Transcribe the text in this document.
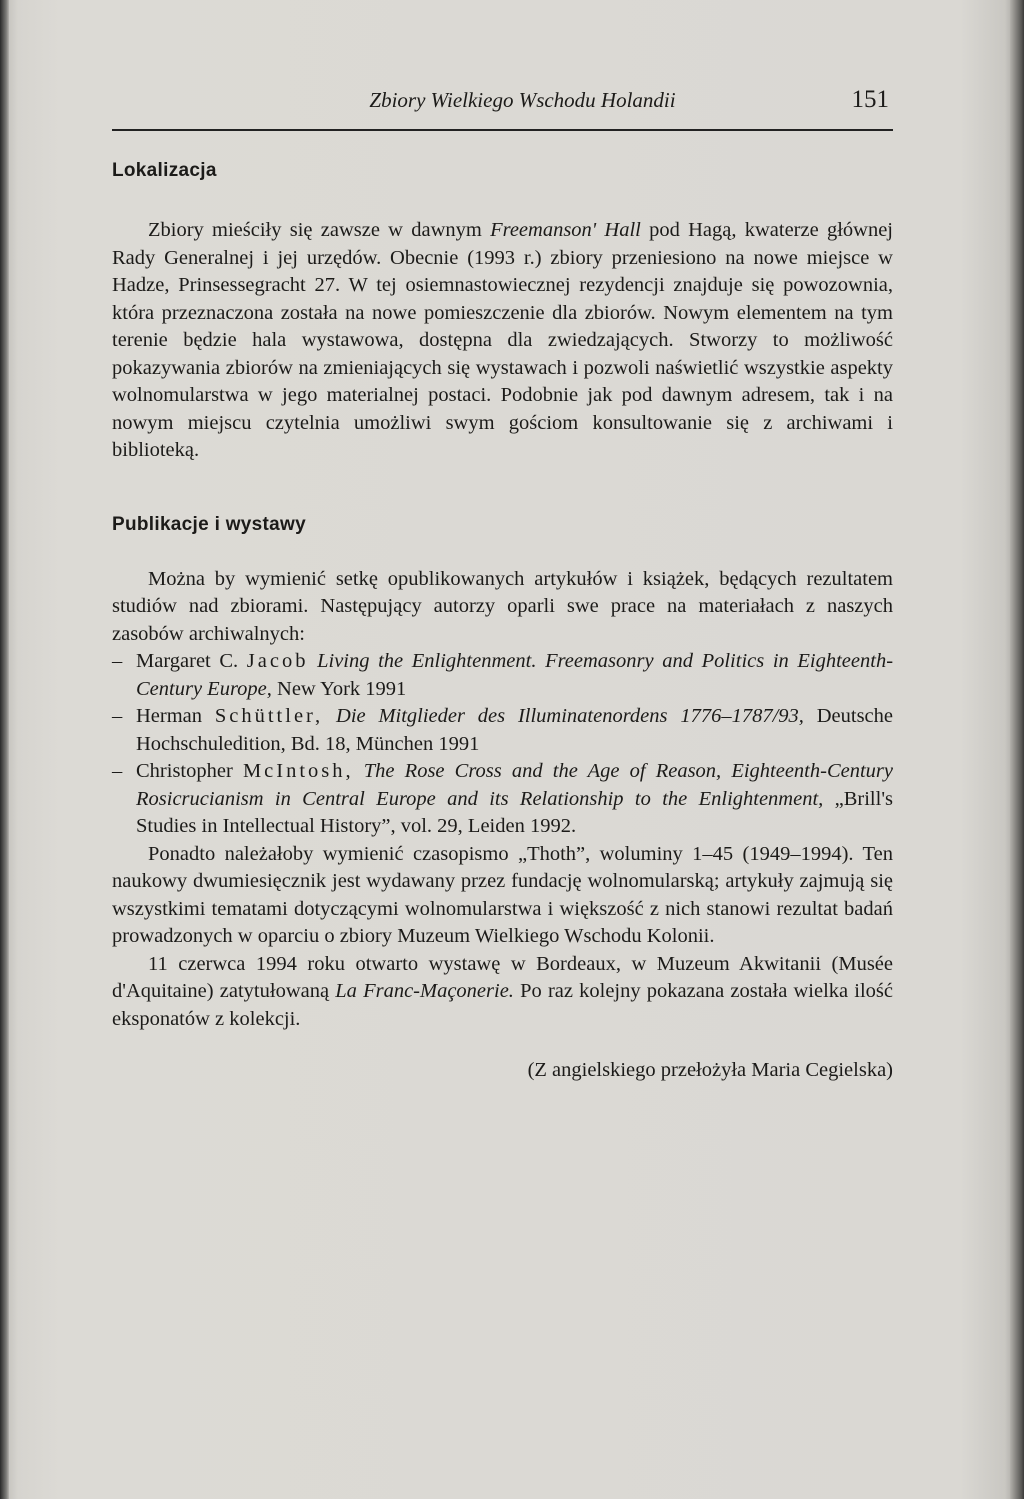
Zbiory Wielkiego Wschodu Holandii	151
Lokalizacja

Zbiory mieściły się zawsze w dawnym Freemanson' Hall pod Hagą, kwaterze głównej Rady Generalnej i jej urzędów. Obecnie (1993 r.) zbiory przeniesiono na nowe miejsce w Hadze, Prinsessegracht 27. W tej osiemnastowiecznej rezydencji znajduje się powozownia, która przeznaczona została na nowe pomieszczenie dla zbiorów. Nowym elementem na tym terenie będzie hala wystawowa, dostępna dla zwiedzających. Stworzy to możliwość pokazywania zbiorów na zmieniających się wystawach i pozwoli naświetlić wszystkie aspekty wolnomularstwa w jego materialnej postaci. Podobnie jak pod dawnym adresem, tak i na nowym miejscu czytelnia umożliwi swym gościom konsultowanie się z archiwami i biblioteką.

Publikacje i wystawy

Można by wymienić setkę opublikowanych artykułów i książek, będących rezultatem studiów nad zbiorami. Następujący autorzy oparli swe prace na materiałach z naszych zasobów archiwalnych:

– Margaret C. Jacob Living the Enlightenment. Freemasonry and Politics in Eighteenth-Century Europe, New York 1991
– Herman Schüttler, Die Mitglieder des Illuminatenordens 1776–1787/93, Deutsche Hochschuledition, Bd. 18, München 1991
– Christopher McIntosh, The Rose Cross and the Age of Reason, Eighteenth-Century Rosicrucianism in Central Europe and its Relationship to the Enlightenment, „Brill's Studies in Intellectual History”, vol. 29, Leiden 1992.

Ponadto należałoby wymienić czasopismo „Thoth”, woluminy 1–45 (1949–1994). Ten naukowy dwumiesięcznik jest wydawany przez fundację wolnomularską; artykuły zajmują się wszystkimi tematami dotyczącymi wolnomularstwa i większość z nich stanowi rezultat badań prowadzonych w oparciu o zbiory Muzeum Wielkiego Wschodu Kolonii.

11 czerwca 1994 roku otwarto wystawę w Bordeaux, w Muzeum Akwitanii (Musée d'Aquitaine) zatytułowaną La Franc-Maçonerie. Po raz kolejny pokazana została wielka ilość eksponatów z kolekcji.

(Z angielskiego przełożyła Maria Cegielska)
